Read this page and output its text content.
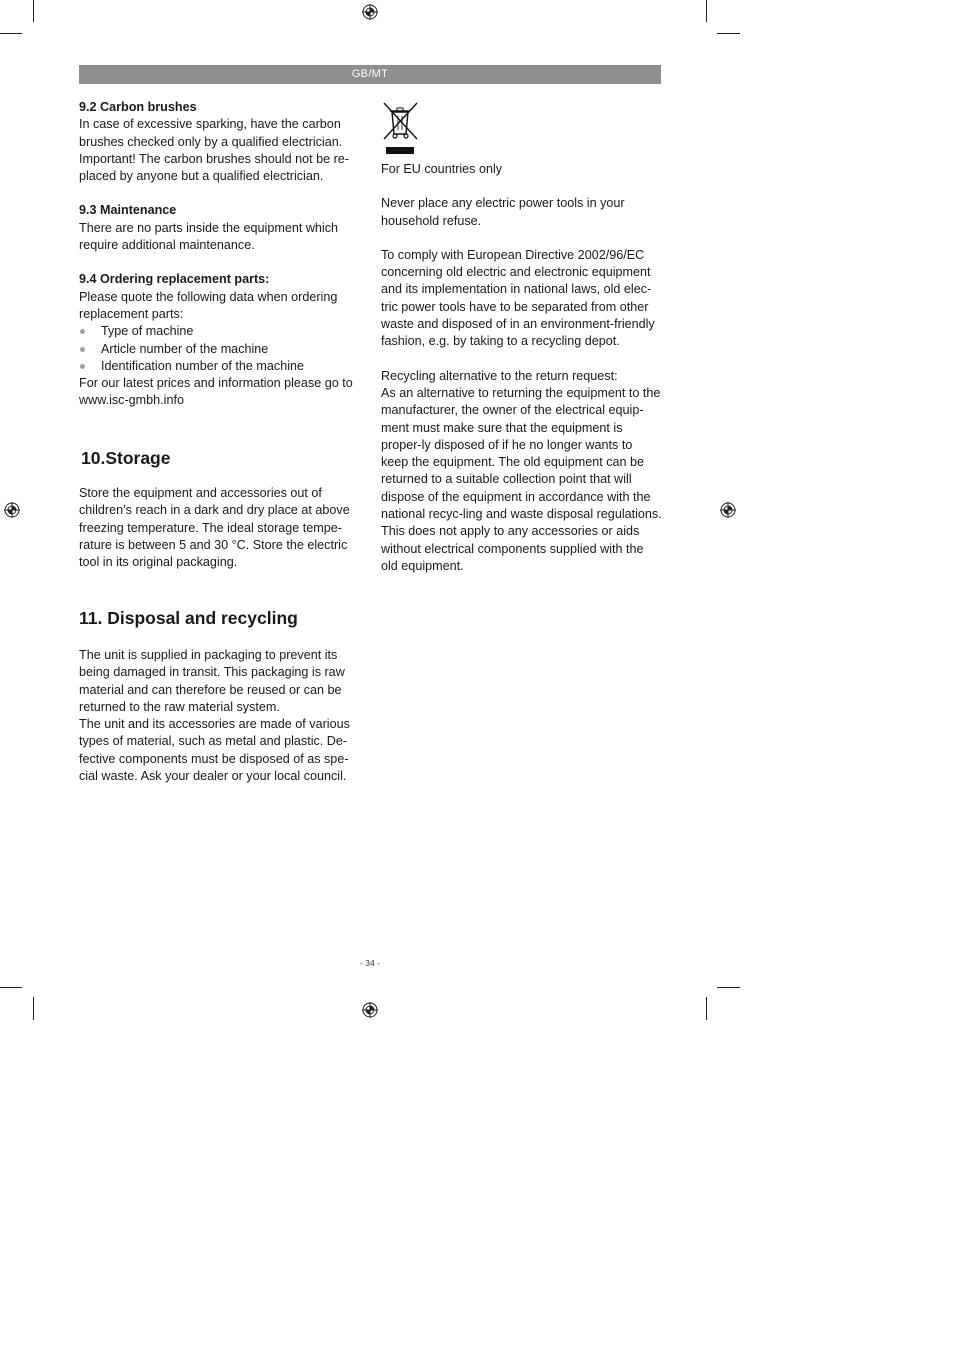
GB/MT

9.2 Carbon brushes

In case of excessive sparking, have the carbon brushes checked only by a qualified electrician. Important! The carbon brushes should not be re-placed by anyone but a qualified electrician.

9.3 Maintenance

There are no parts inside the equipment which require additional maintenance.

9.4 Ordering replacement parts:

Please quote the following data when ordering replacement parts:

Type of machine
Article number of the machine
Identification number of the machine

For our latest prices and information please go to www.isc-gmbh.info

10.Storage

Store the equipment and accessories out of children’s reach in a dark and dry place at above freezing temperature. The ideal storage tempe-rature is between 5 and 30 °C. Store the electric tool in its original packaging.

11. Disposal and recycling

The unit is supplied in packaging to prevent its being damaged in transit. This packaging is raw material and can therefore be reused or can be returned to the raw material system.

The unit and its accessories are made of various types of material, such as metal and plastic. De-fective components must be disposed of as spe-cial waste. Ask your dealer or your local council.

For EU countries only

Never place any electric power tools in your household refuse.

To comply with European Directive 2002/96/EC concerning old electric and electronic equipment and its implementation in national laws, old elec-tric power tools have to be separated from other waste and disposed of in an environment-friendly fashion, e.g. by taking to a recycling depot.

Recycling alternative to the return request:

As an alternative to returning the equipment to the manufacturer, the owner of the electrical equip-ment must make sure that the equipment is proper-ly disposed of if he no longer wants to keep the equipment. The old equipment can be returned to a suitable collection point that will dispose of the equipment in accordance with the national recyc-ling and waste disposal regulations. This does not apply to any accessories or aids without electrical components supplied with the old equipment.

- 34 -
